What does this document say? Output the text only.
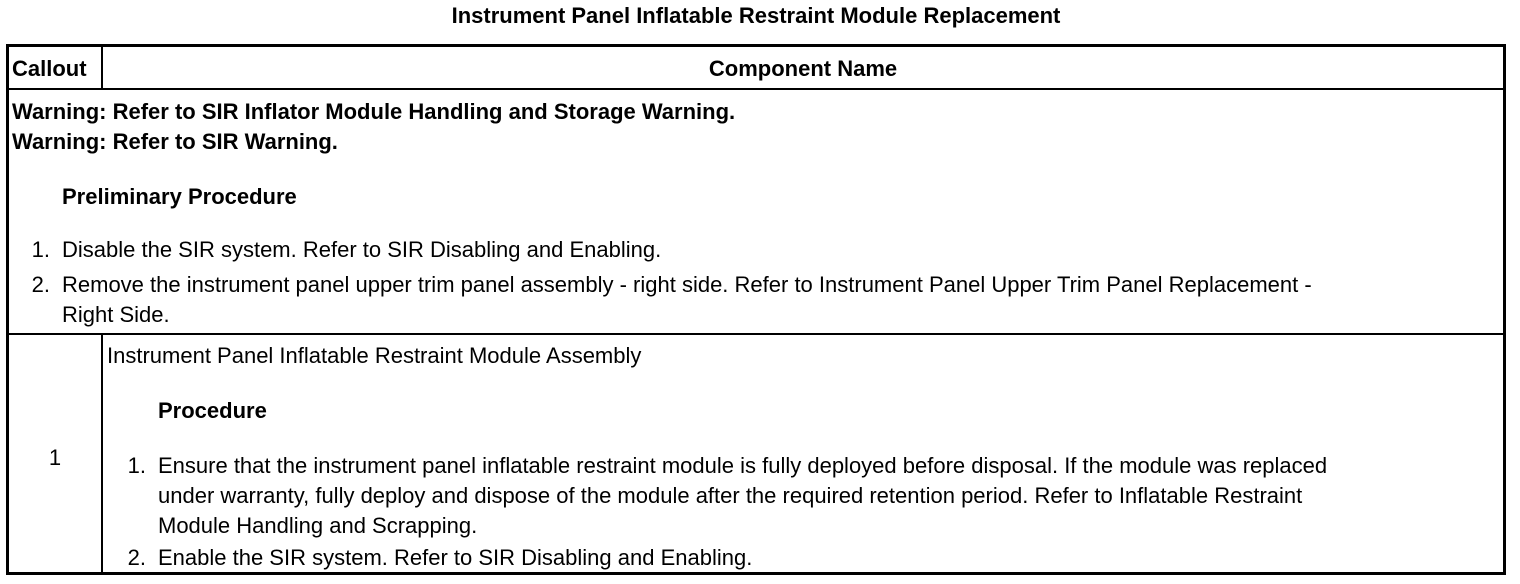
Instrument Panel Inflatable Restraint Module Replacement
Callout	Component Name
Warning: Refer to SIR Inflator Module Handling and Storage Warning.
Warning: Refer to SIR Warning.
Preliminary Procedure
1. Disable the SIR system. Refer to SIR Disabling and Enabling.
2. Remove the instrument panel upper trim panel assembly - right side. Refer to Instrument Panel Upper Trim Panel Replacement -
Right Side.
1
Instrument Panel Inflatable Restraint Module Assembly
Procedure
1. Ensure that the instrument panel inflatable restraint module is fully deployed before disposal. If the module was replaced
under warranty, fully deploy and dispose of the module after the required retention period. Refer to Inflatable Restraint
Module Handling and Scrapping.
2. Enable the SIR system. Refer to SIR Disabling and Enabling.
